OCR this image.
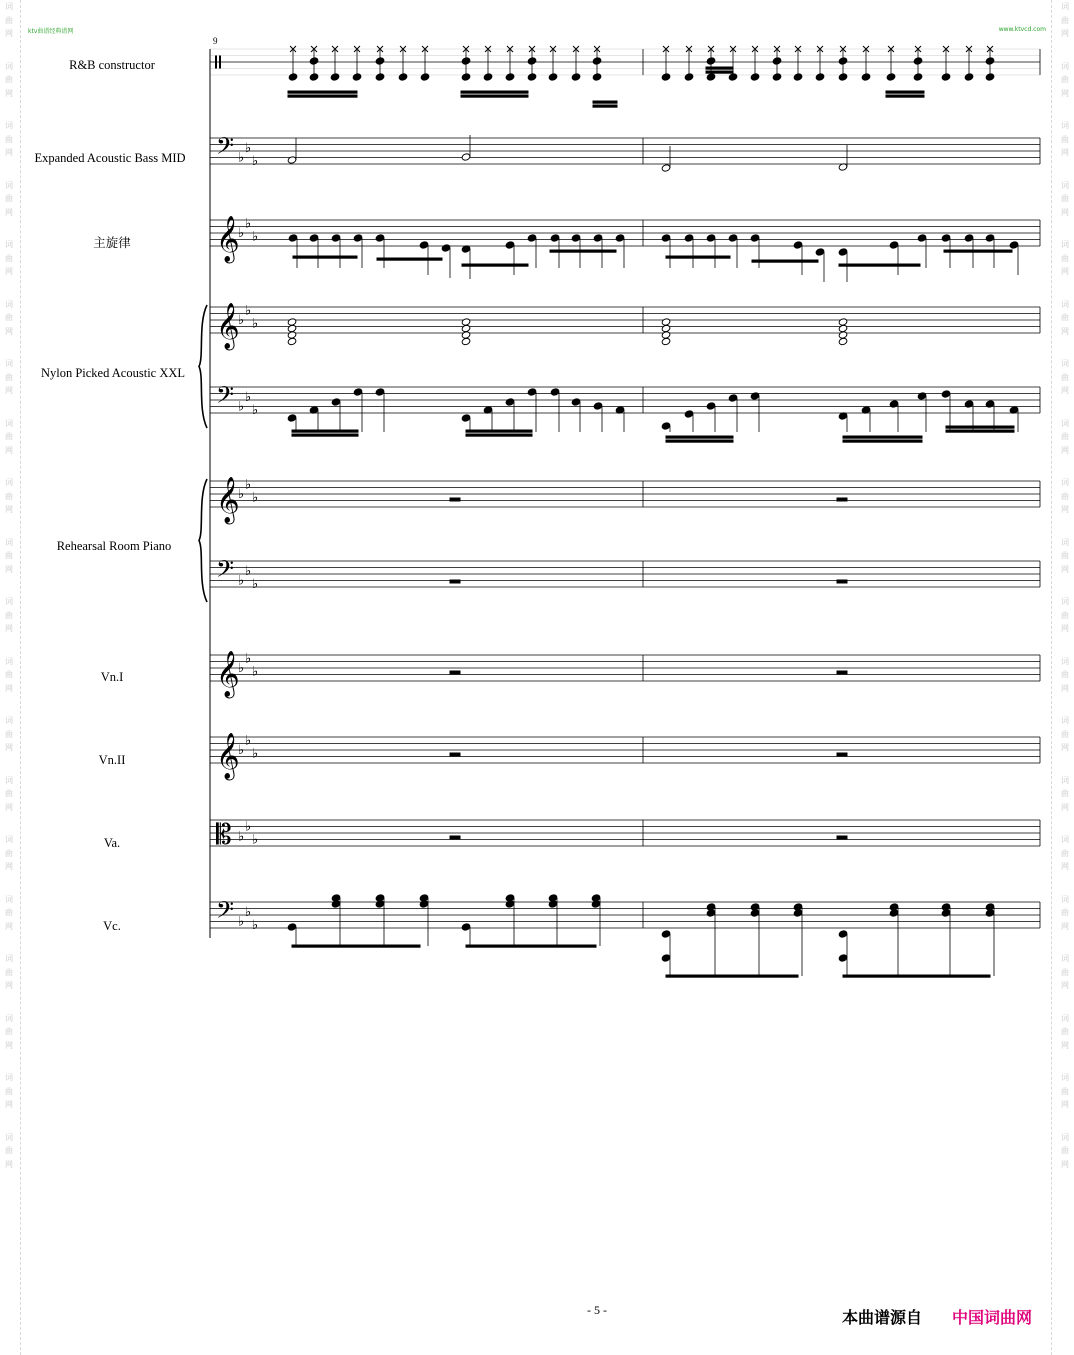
词
曲
网
词
曲
网
词
曲
网
词
曲
网
词
曲
网
词
曲
网
词
曲
网
词
曲
网
词
曲
网
词
曲
网
词
曲
网
词
曲
网
词
曲
网
词
曲
网
词
曲
网
词
曲
网
词
曲
网
词
曲
网
词
曲
网
词
曲
网
词
曲
网
词
曲
网
词
曲
网
词
曲
网
词
曲
网
词
曲
网
词
曲
网
词
曲
网
词
曲
网
词
曲
网
词
曲
网
词
曲
网
词
曲
网
词
曲
网
词
曲
网
词
曲
网
词
曲
网
词
曲
网
词
曲
网
词
曲
网
ktv曲谱经典谱网	www.ktvcd.com
R&B constructor
Expanded Acoustic Bass MID
主旋律
Nylon Picked Acoustic XXL
Rehearsal Room Piano
Vn.I
Vn.II
Va.
Vc.
𝄢 ♭
♭
♭
𝄞
♭
♭
♭
𝄞
♭
♭
♭
𝄢 ♭
♭
♭
𝄞
♭
♭
♭
𝄢 ♭
♭
♭
𝄞
♭
♭
♭
𝄞
♭
♭
♭
𝄡 ♭
♭
♭
𝄢 ♭
♭
♭
9
- 5 -	本曲谱源自 中国词曲网
